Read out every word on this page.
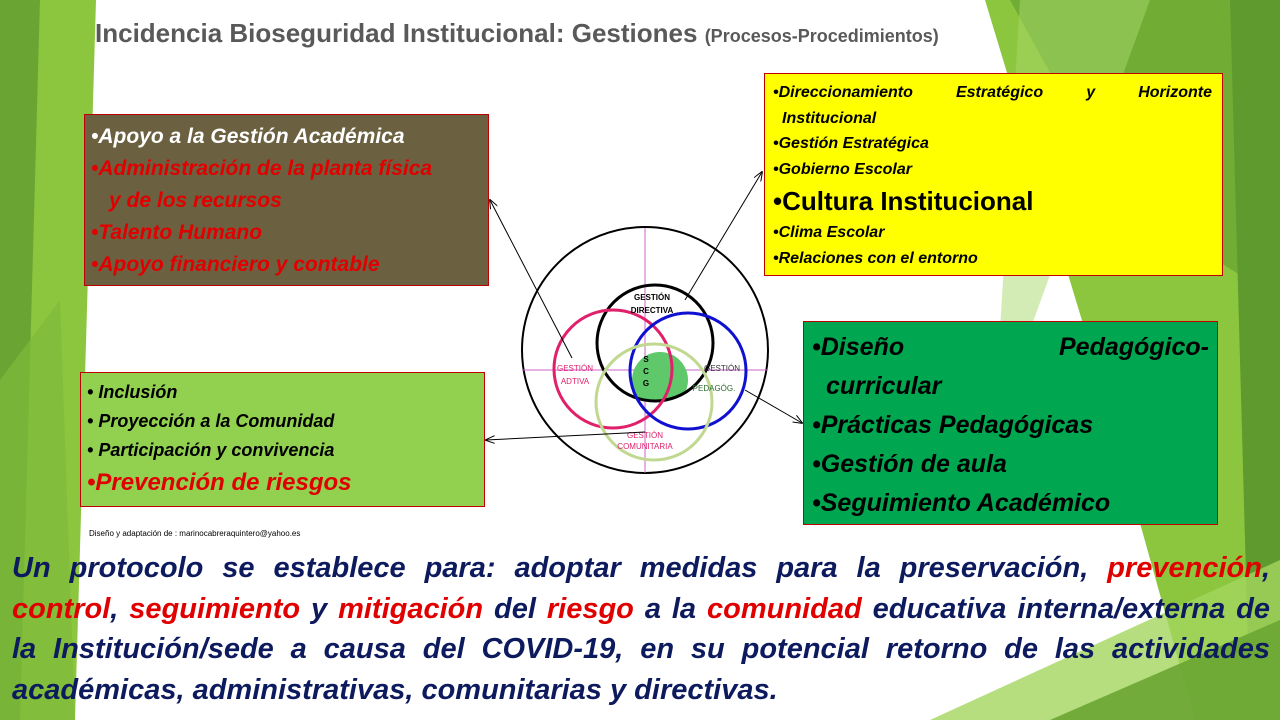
Incidencia Bioseguridad Institucional: Gestiones (Procesos-Procedimientos)
•Apoyo a la Gestión Académica
•Administración de la planta física
y de los recursos
•Talento Humano
•Apoyo financiero y contable
• Inclusión
• Proyección a la Comunidad
• Participación y convivencia
•Prevención de riesgos
•Direccionamiento	Estratégico	y	Horizonte
Institucional
•Gestión Estratégica
•Gobierno Escolar
•Cultura Institucional
•Clima Escolar
•Relaciones con el entorno
•Diseño	Pedagógico-
curricular
•Prácticas Pedagógicas
•Gestión de aula
•Seguimiento Académico
GESTIÓN
DIRECTIVA
GESTIÓN
ADTIVA
GESTIÓN
PEDAGÓG.
GESTIÓN
COMUNITARIA
S
C
G
Diseño y adaptación de : marinocabreraquintero@yahoo.es
Un protocolo se establece para: adoptar medidas para la preservación, prevención, control, seguimiento y mitigación del riesgo a la comunidad educativa interna/externa de la Institución/sede a causa del COVID-19, en su potencial retorno de las actividades académicas, administrativas, comunitarias y directivas.
